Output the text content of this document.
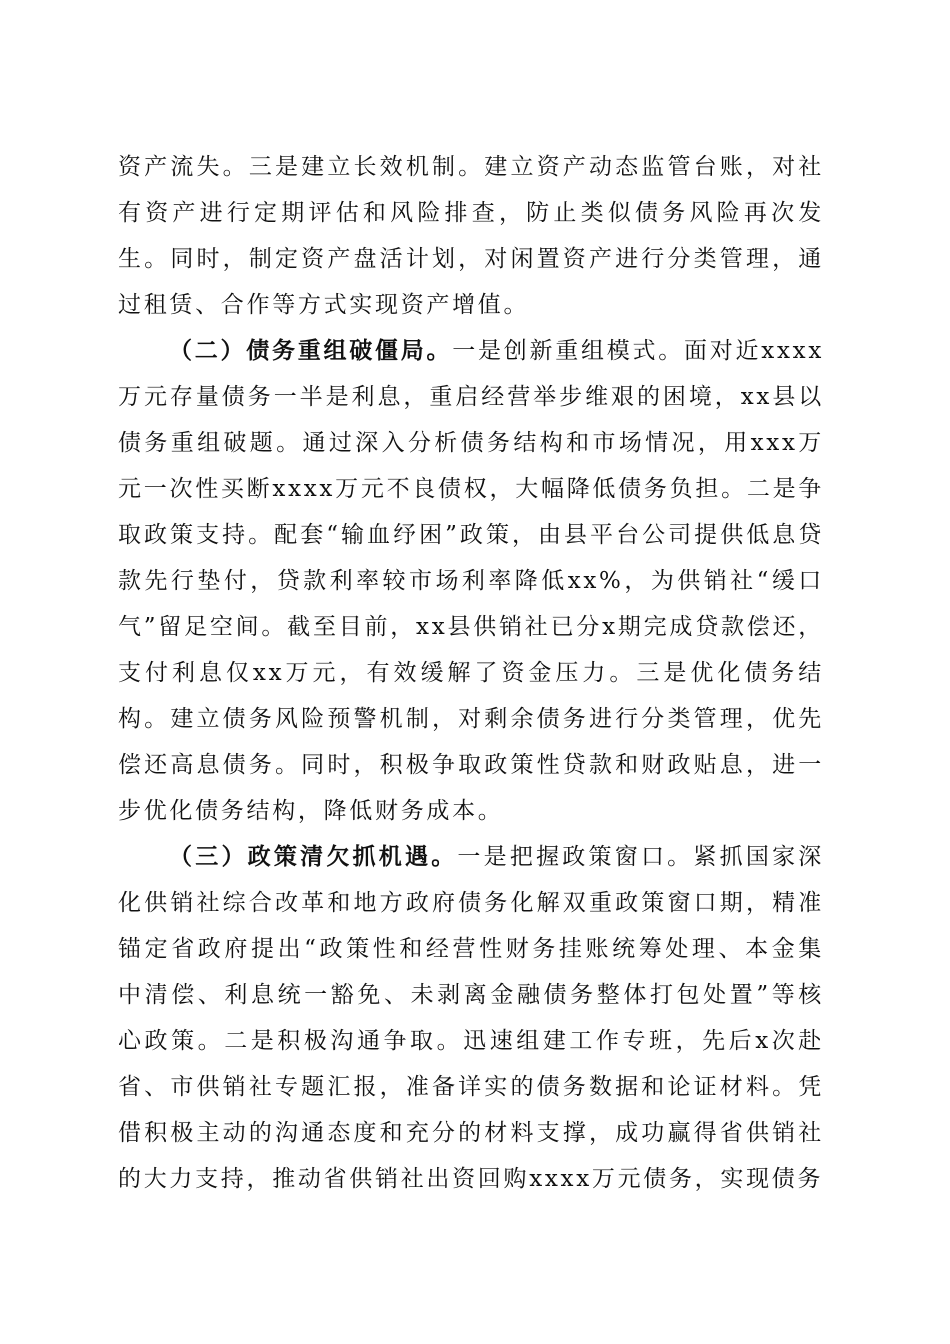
资产流失。三是建立长效机制。建立资产动态监管台账，对社有资产进行定期评估和风险排查，防止类似债务风险再次发生。同时，制定资产盘活计划，对闲置资产进行分类管理，通过租赁、合作等方式实现资产增值。

（二）债务重组破僵局。一是创新重组模式。面对近xxxx万元存量债务一半是利息，重启经营举步维艰的困境，xx县以债务重组破题。通过深入分析债务结构和市场情况，用xxx万元一次性买断xxxx万元不良债权，大幅降低债务负担。二是争取政策支持。配套“输血纾困”政策，由县平台公司提供低息贷款先行垫付，贷款利率较市场利率降低xx%，为供销社“缓口气”留足空间。截至目前，xx县供销社已分x期完成贷款偿还，支付利息仅xx万元，有效缓解了资金压力。三是优化债务结构。建立债务风险预警机制，对剩余债务进行分类管理，优先偿还高息债务。同时，积极争取政策性贷款和财政贴息，进一步优化债务结构，降低财务成本。

（三）政策清欠抓机遇。一是把握政策窗口。紧抓国家深化供销社综合改革和地方政府债务化解双重政策窗口期，精准锚定省政府提出“政策性和经营性财务挂账统筹处理、本金集中清偿、利息统一豁免、未剥离金融债务整体打包处置”等核心政策。二是积极沟通争取。迅速组建工作专班，先后x次赴省、市供销社专题汇报，准备详实的债务数据和论证材料。凭借积极主动的沟通态度和充分的材料支撑，成功赢得省供销社的大力支持，推动省供销社出资回购xxxx万元债务，实现债务
